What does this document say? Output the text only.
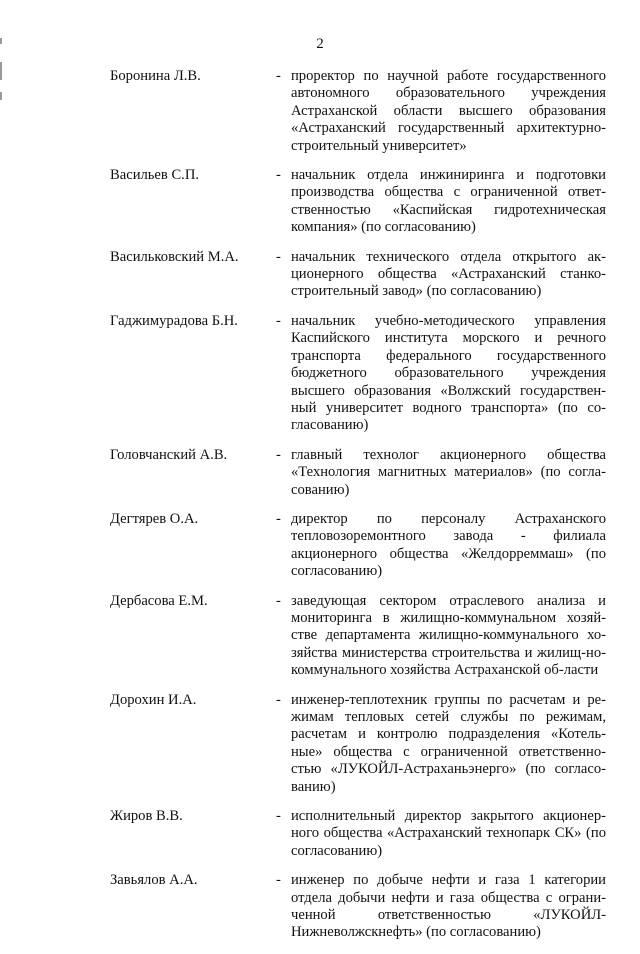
2
Боронина Л.В.	- проректор по научной работе государственного автономного образовательного учреждения Астраханской области высшего образования «Астраханский государственный архитектурно-строительный университет»
Васильев С.П.	- начальник отдела инжиниринга и подготовки производства общества с ограниченной ответ-ственностью «Каспийская гидротехническая компания» (по согласованию)
Васильковский М.А.	- начальник технического отдела открытого ак-ционерного общества «Астраханский станко-строительный завод» (по согласованию)
Гаджимурадова Б.Н.	- начальник учебно-методического управления Каспийского института морского и речного транспорта федерального государственного бюджетного образовательного учреждения высшего образования «Волжский государствен-ный университет водного транспорта» (по со-гласованию)
Головчанский А.В.	- главный технолог акционерного общества «Технология магнитных материалов» (по согла-сованию)
Дегтярев О.А.	- директор по персоналу Астраханского тепловозоремонтного завода - филиала акционерного общества «Желдорреммаш» (по согласованию)
Дербасова Е.М.	- заведующая сектором отраслевого анализа и мониторинга в жилищно-коммунальном хозяй-стве департамента жилищно-коммунального хо-зяйства министерства строительства и жилищ-но-коммунального хозяйства Астраханской об-ласти
Дорохин И.А.	- инженер-теплотехник группы по расчетам и ре-жимам тепловых сетей службы по режимам, расчетам и контролю подразделения «Котель-ные» общества с ограниченной ответственно-стью «ЛУКОЙЛ-Астраханьэнерго» (по согласо-ванию)
Жиров В.В.	- исполнительный директор закрытого акционер-ного общества «Астраханский технопарк СК» (по согласованию)
Завьялов А.А.	- инженер по добыче нефти и газа 1 категории отдела добычи нефти и газа общества с ограни-ченной ответственностью «ЛУКОЙЛ-Нижневолжскнефть» (по согласованию)
